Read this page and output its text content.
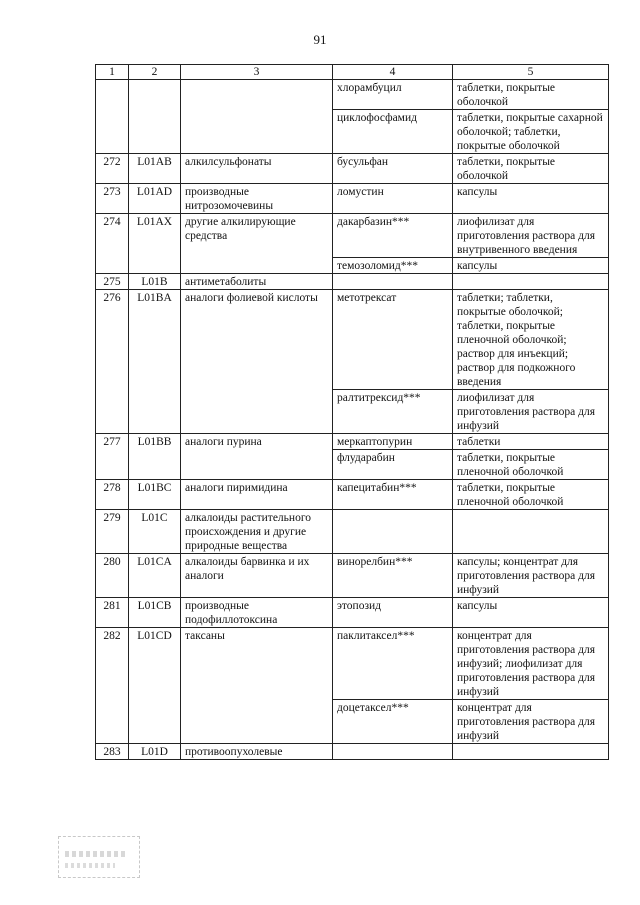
91
1	2	3	4	5
			хлорамбуцил	таблетки, покрытые оболочкой
			циклофосфамид	таблетки, покрытые сахарной оболочкой; таблетки, покрытые оболочкой
272	L01AB	алкилсульфонаты	бусульфан	таблетки, покрытые оболочкой
273	L01AD	производные нитрозомочевины	ломустин	капсулы
274	L01AX	другие алкилирующие средства	дакарбазин***	лиофилизат для приготовления раствора для внутривенного введения
			темозоломид***	капсулы
275	L01B	антиметаболиты		
276	L01BA	аналоги фолиевой кислоты	метотрексат	таблетки; таблетки, покрытые оболочкой; таблетки, покрытые пленочной оболочкой; раствор для инъекций; раствор для подкожного введения
			ралтитрексид***	лиофилизат для приготовления раствора для инфузий
277	L01BB	аналоги пурина	меркаптопурин	таблетки
			флударабин	таблетки, покрытые пленочной оболочкой
278	L01BC	аналоги пиримидина	капецитабин***	таблетки, покрытые пленочной оболочкой
279	L01C	алкалоиды растительного происхождения и другие природные вещества		
280	L01CA	алкалоиды барвинка и их аналоги	винорелбин***	капсулы; концентрат для приготовления раствора для инфузий
281	L01CB	производные подофиллотоксина	этопозид	капсулы
282	L01CD	таксаны	паклитаксел***	концентрат для приготовления раствора для инфузий; лиофилизат для приготовления раствора для инфузий
			доцетаксел***	концентрат для приготовления раствора для инфузий
283	L01D	противоопухолевые		
